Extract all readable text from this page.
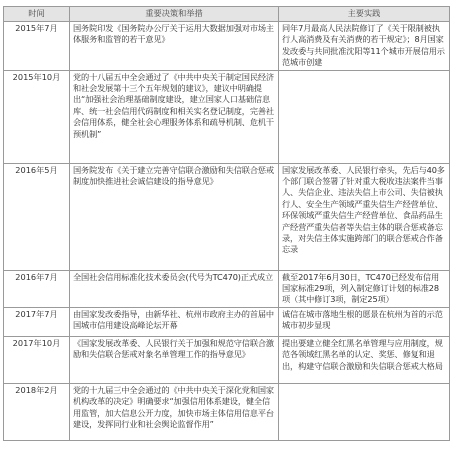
时间	重要决策和举措	主要实践
2015年7月	国务院印发《国务院办公厅关于运用大数据加强对市场主体服务和监管的若干意见》	同年7月最高人民法院修订了《关于限制被执行人高消费及有关消费的若干规定》；8月国家发改委与共同批准沈阳等11个城市开展信用示范城市创建
2015年10月	党的十八届五中全会通过了《中共中央关于制定国民经济和社会发展第十三个五年规划的建议》，建议中明确提出“加强社会治理基础制度建设，建立国家人口基础信息库、统一社会信用代码制度和相关实名登记制度，完善社会信用体系，健全社会心理服务体系和疏导机制、危机干预机制”	
2016年5月	国务院发布《关于建立完善守信联合激励和失信联合惩戒制度加快推进社会诚信建设的指导意见》	国家发展改革委、人民银行牵头，先后与40多个部门联合签署了针对重大税收违法案件当事人、失信企业、违法失信上市公司、失信被执行人、安全生产领域严重失信生产经营单位、环保领域严重失信生产经营单位、食品药品生产经营严重失信者等失信主体的联合惩戒备忘录，对失信主体实施跨部门的联合惩戒合作备忘录
2016年7月	全国社会信用标准化技术委员会(代号为TC470)正式成立	截至2017年6月30日，TC470已经发布信用国家标准29项，列入制定修订计划的标准28项（其中修订3项，制定25项）
2017年7月	由国家发改委指导，由新华社、杭州市政府主办的首届中国城市信用建设高峰论坛开幕	诚信在城市落地生根的愿景在杭州为首的示范城市初步显现
2017年10月	《国家发展改革委、人民银行关于加强和规范守信联合激励和失信联合惩戒对象名单管理工作的指导意见》	提出要建立健全红黑名单管理与应用制度，规范各领域红黑名单的认定、奖惩、修复和退出，构建守信联合激励和失信联合惩戒大格局
2018年2月	党的十九届三中全会通过的《中共中央关于深化党和国家机构改革的决定》明确要求“加强信用体系建设，健全信用监管，加大信息公开力度，加快市场主体信用信息平台建设，发挥同行业和社会舆论监督作用”	
